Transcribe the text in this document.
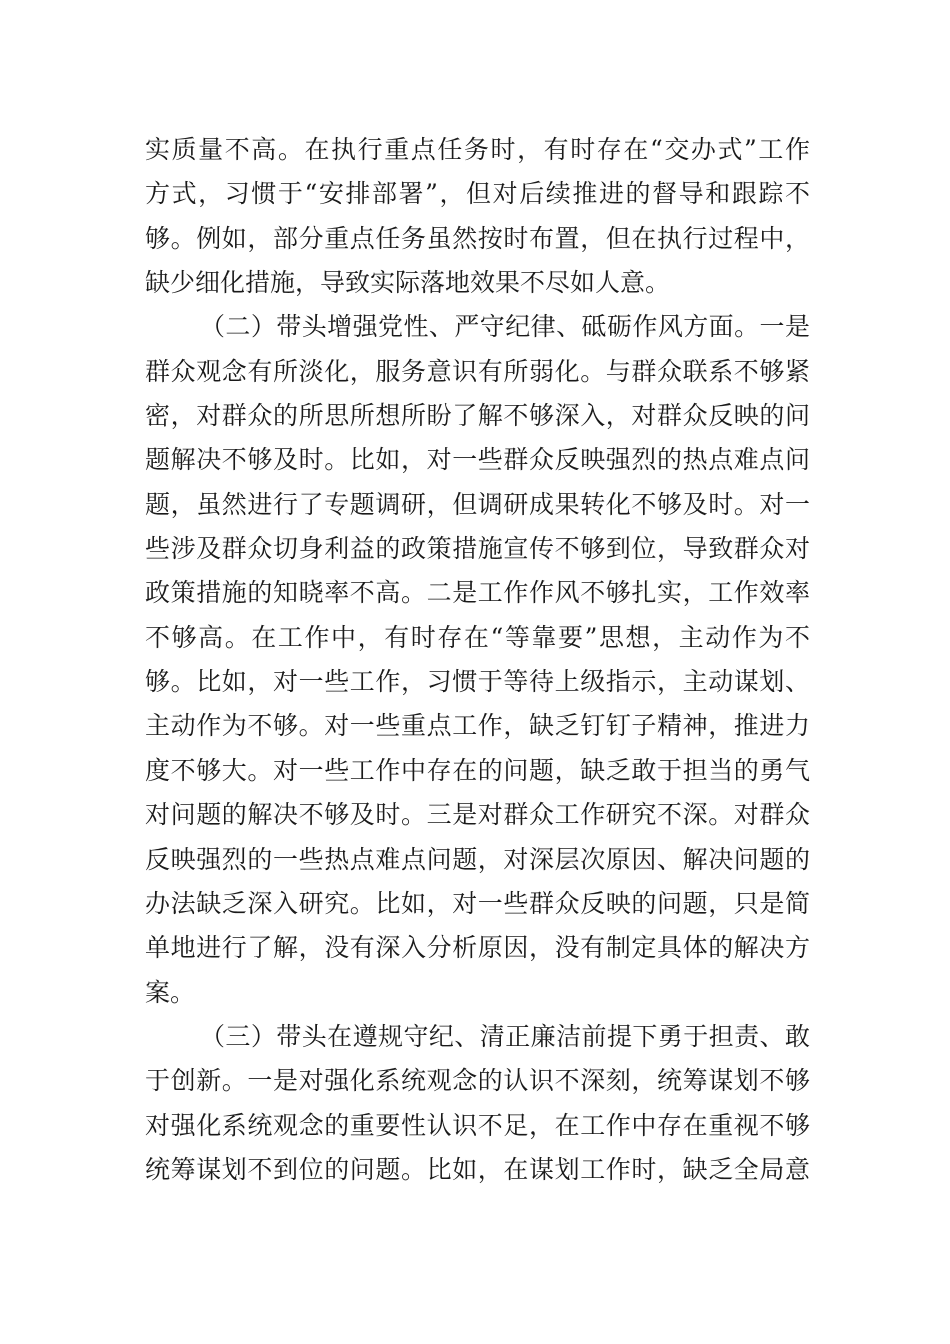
实质量不高。在执行重点任务时，有时存在“交办式”工作
方式，习惯于“安排部署”，但对后续推进的督导和跟踪不
够。例如，部分重点任务虽然按时布置，但在执行过程中，
缺少细化措施，导致实际落地效果不尽如人意。
（二）带头增强党性、严守纪律、砥砺作风方面。一是
群众观念有所淡化，服务意识有所弱化。与群众联系不够紧
密，对群众的所思所想所盼了解不够深入，对群众反映的问
题解决不够及时。比如，对一些群众反映强烈的热点难点问
题，虽然进行了专题调研，但调研成果转化不够及时。对一
些涉及群众切身利益的政策措施宣传不够到位，导致群众对
政策措施的知晓率不高。二是工作作风不够扎实，工作效率
不够高。在工作中，有时存在“等靠要”思想，主动作为不
够。比如，对一些工作，习惯于等待上级指示，主动谋划、
主动作为不够。对一些重点工作，缺乏钉钉子精神，推进力
度不够大。对一些工作中存在的问题，缺乏敢于担当的勇气
对问题的解决不够及时。三是对群众工作研究不深。对群众
反映强烈的一些热点难点问题，对深层次原因、解决问题的
办法缺乏深入研究。比如，对一些群众反映的问题，只是简
单地进行了解，没有深入分析原因，没有制定具体的解决方
案。
（三）带头在遵规守纪、清正廉洁前提下勇于担责、敢
于创新。一是对强化系统观念的认识不深刻，统筹谋划不够
对强化系统观念的重要性认识不足，在工作中存在重视不够
统筹谋划不到位的问题。比如，在谋划工作时，缺乏全局意
